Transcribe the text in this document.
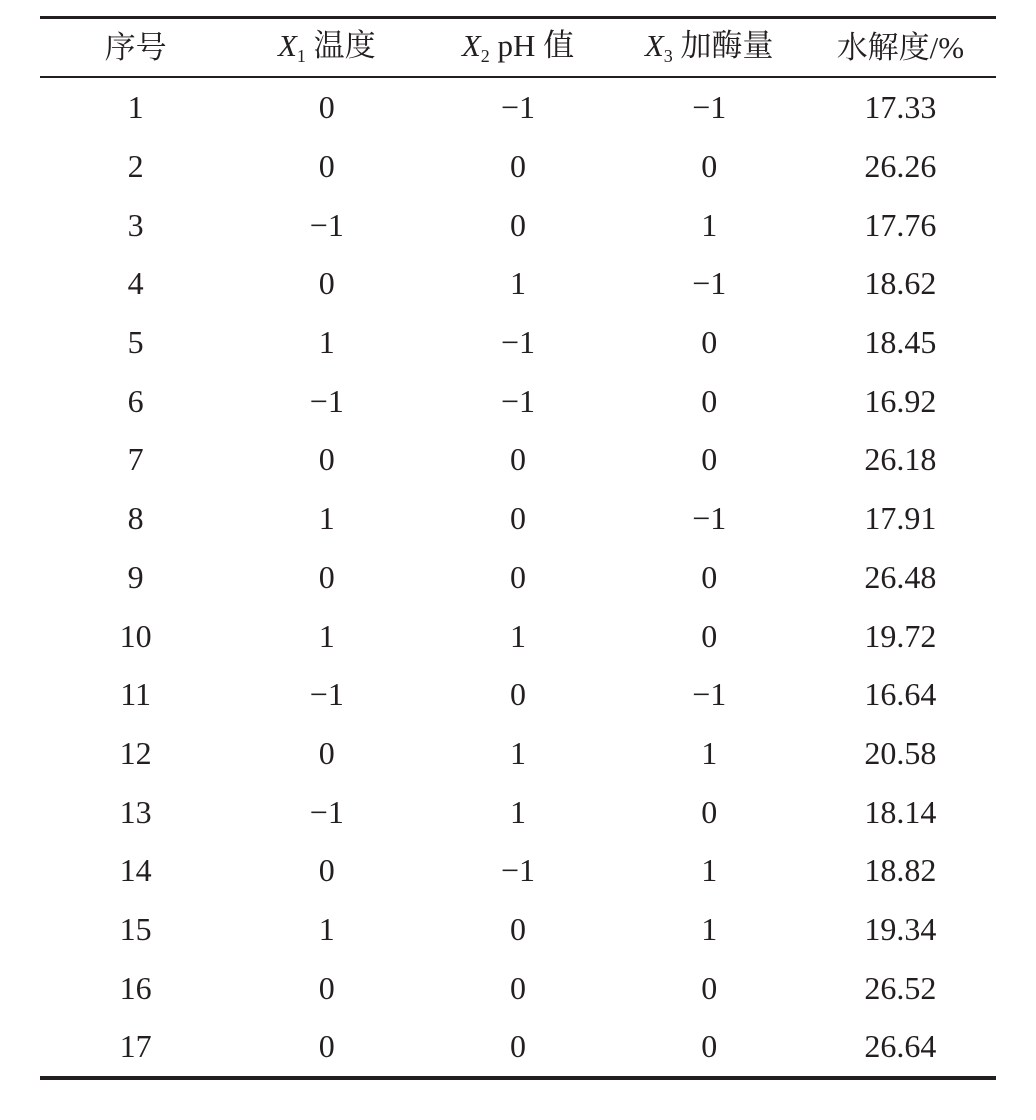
序号	$X_1$ 温度	$X_2$ pH 值	$X_3$ 加酶量	水解度/%
1	0	−1	−1	17.33
2	0	0	0	26.26
3	−1	0	1	17.76
4	0	1	−1	18.62
5	1	−1	0	18.45
6	−1	−1	0	16.92
7	0	0	0	26.18
8	1	0	−1	17.91
9	0	0	0	26.48
10	1	1	0	19.72
11	−1	0	−1	16.64
12	0	1	1	20.58
13	−1	1	0	18.14
14	0	−1	1	18.82
15	1	0	1	19.34
16	0	0	0	26.52
17	0	0	0	26.64
